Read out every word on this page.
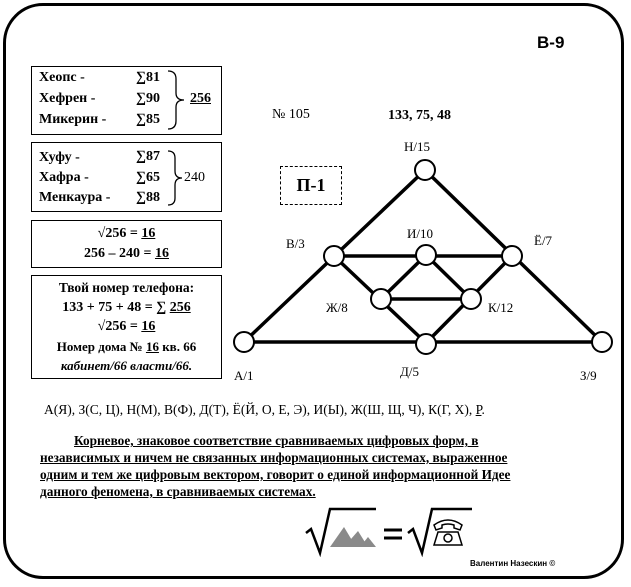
В-9
Хеопс -	∑81
Хефрен -	∑90
Микерин - ∑85
256
Хуфу -	∑87
Хафра -	∑65
Менкаура - ∑88
240
√256 = 16
256 – 240 = 16
Твой номер телефона:
133 + 75 + 48 = ∑ 256
√256 = 16
Номер дома № 16 кв. 66
кабинет/66 власти/66.
№ 105	133, 75, 48
П-1
Н/15
В/3
И/10	Ё/7
Ж/8	К/12
А/1	Д/5	З/9
А(Я), З(С, Ц), Н(М), В(Ф), Д(Т), Ё(Й, О, Е, Э), И(Ы), Ж(Ш, Щ, Ч), К(Г, Х), Р.
Корневое, знаковое соответствие сравниваемых цифровых форм, в
независимых и ничем не связанных информационных системах, выраженное
одним и тем же цифровым вектором, говорит о единой информационной Идее
данного феномена, в сравниваемых системах.
Валентин Назескин ©
